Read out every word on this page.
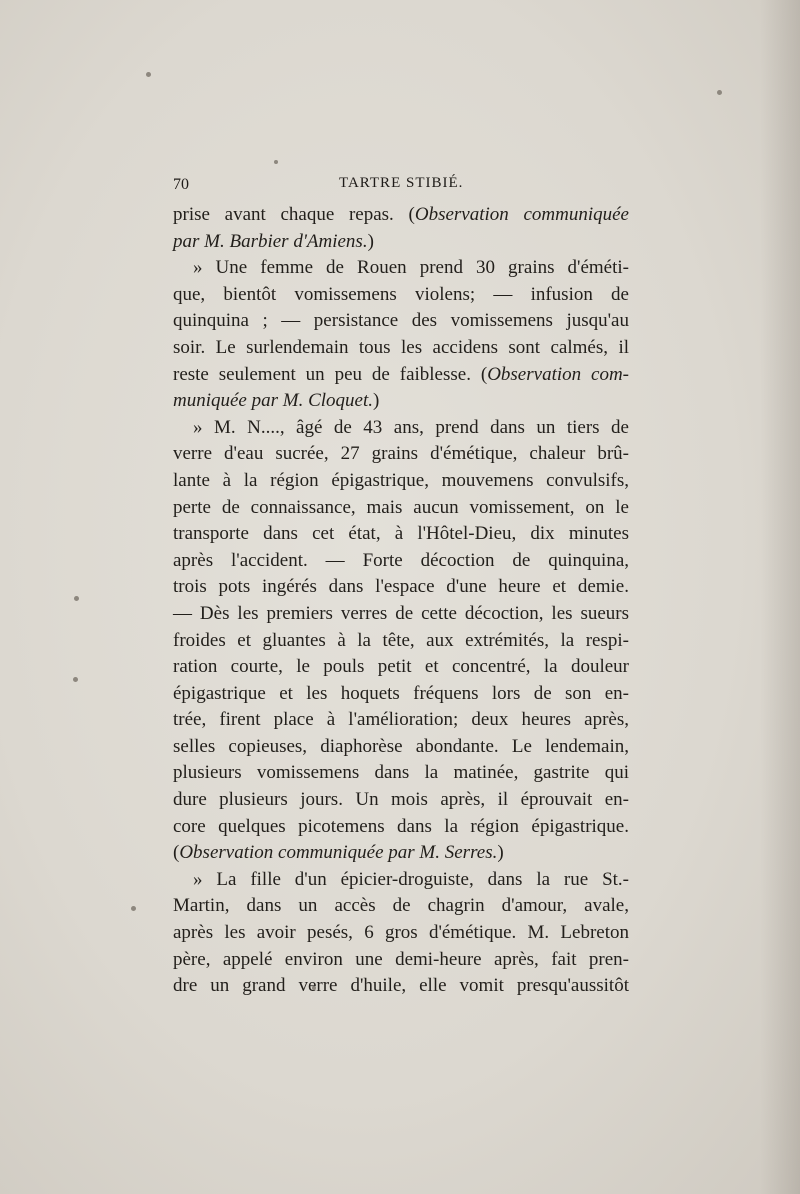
70	TARTRE STIBIÉ.
prise avant chaque repas. (Observation communiquée
par M. Barbier d'Amiens.)
» Une femme de Rouen prend 30 grains d'éméti-
que, bientôt vomissemens violens; — infusion de
quinquina ; — persistance des vomissemens jusqu'au
soir. Le surlendemain tous les accidens sont calmés, il
reste seulement un peu de faiblesse. (Observation com-
muniquée par M. Cloquet.)
» M. N...., âgé de 43 ans, prend dans un tiers de
verre d'eau sucrée, 27 grains d'émétique, chaleur brû-
lante à la région épigastrique, mouvemens convulsifs,
perte de connaissance, mais aucun vomissement, on le
transporte dans cet état, à l'Hôtel-Dieu, dix minutes
après l'accident. — Forte décoction de quinquina,
trois pots ingérés dans l'espace d'une heure et demie.
— Dès les premiers verres de cette décoction, les sueurs
froides et gluantes à la tête, aux extrémités, la respi-
ration courte, le pouls petit et concentré, la douleur
épigastrique et les hoquets fréquens lors de son en-
trée, firent place à l'amélioration; deux heures après,
selles copieuses, diaphorèse abondante. Le lendemain,
plusieurs vomissemens dans la matinée, gastrite qui
dure plusieurs jours. Un mois après, il éprouvait en-
core quelques picotemens dans la région épigastrique.
(Observation communiquée par M. Serres.)
» La fille d'un épicier-droguiste, dans la rue St.-
Martin, dans un accès de chagrin d'amour, avale,
après les avoir pesés, 6 gros d'émétique. M. Lebreton
père, appelé environ une demi-heure après, fait pren-
dre un grand verre d'huile, elle vomit presqu'aussitôt
